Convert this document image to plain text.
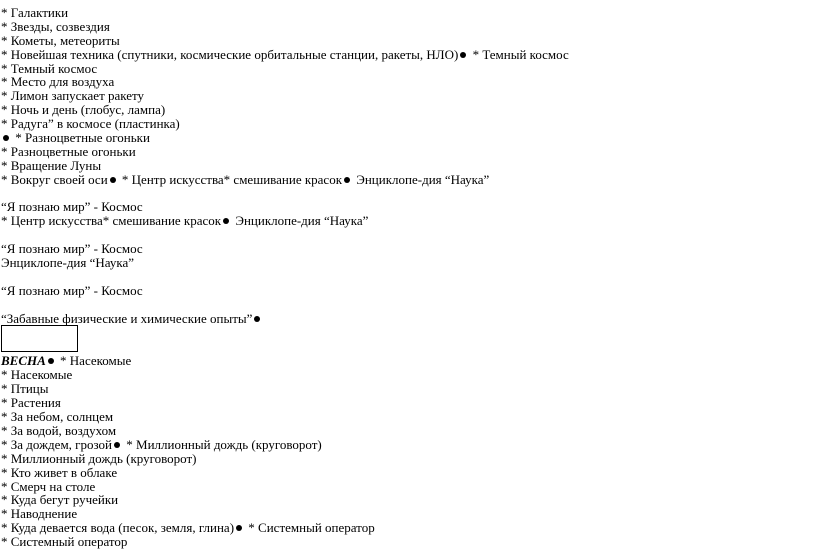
* Галактики
* Звезды, созвездия
* Кометы, метеориты
* Новейшая техника (спутники, космические орбитальные станции, ракеты, НЛО) * Темный космос
* Темный космос
* Место для воздуха
* Лимон запускает ракету
* Ночь и день (глобус, лампа)
* Радуга” в космосе (пластинка)
* Разноцветные огоньки
* Разноцветные огоньки
* Вращение Луны
* Вокруг своей оси * Центр искусства* смешивание красок Энциклопе-дия “Наука”
“Я познаю мир” - Космос
* Центр искусства* смешивание красок Энциклопе-дия “Наука”
“Я познаю мир” - Космос
Энциклопе-дия “Наука”
“Я познаю мир” - Космос
“Забавные физические и химические опыты”
ВЕСНА * Насекомые
* Насекомые
* Птицы
* Растения
* За небом, солнцем
* За водой, воздухом
* За дождем, грозой * Миллионный дождь (круговорот)
* Миллионный дождь (круговорот)
* Кто живет в облаке
* Смерч на столе
* Куда бегут ручейки
* Наводнение
* Куда девается вода (песок, земля, глина) * Системный оператор
* Системный оператор
